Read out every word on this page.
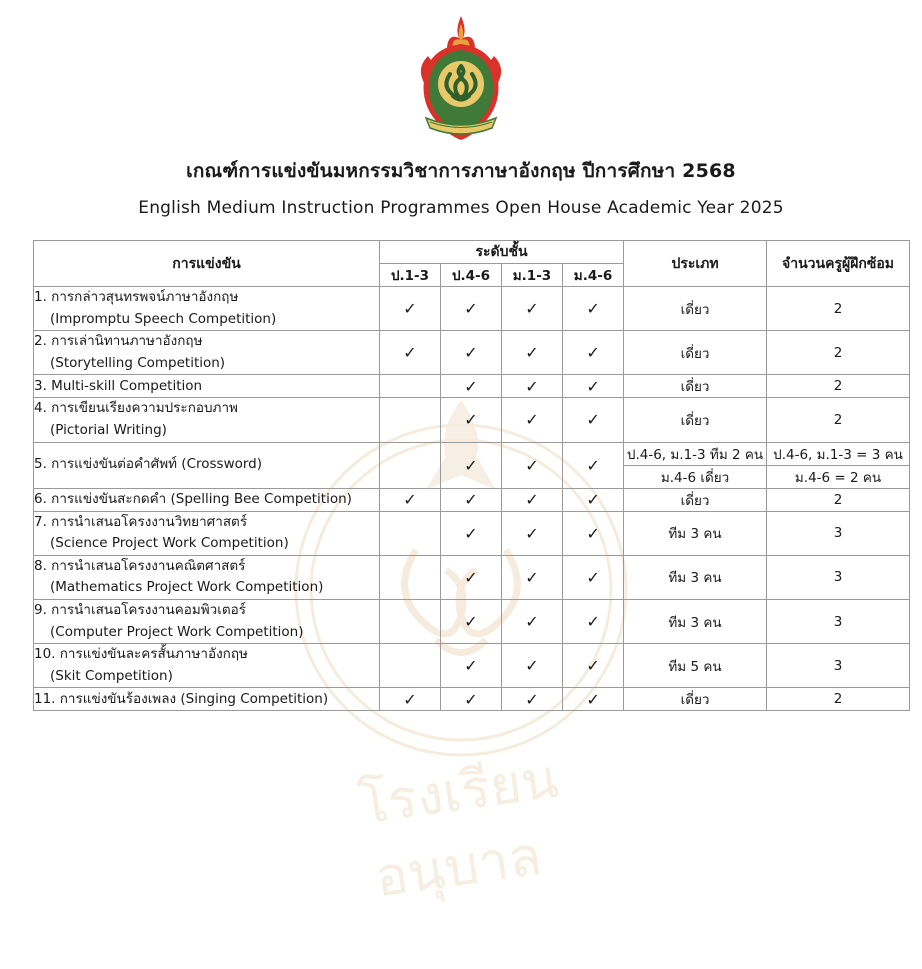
โรงเรียน
อนุบาล
เกณฑ์การแข่งขันมหกรรมวิชาการภาษาอังกฤษ ปีการศึกษา 2568
English Medium Instruction Programmes Open House Academic Year 2025
การแข่งขัน	ระดับชั้น				ประเภท	จำนวนครูผู้ฝึกซ้อม
	ป.1-3	ป.4-6	ม.1-3	ม.4-6		
1. การกล่าวสุนทรพจน์ภาษาอังกฤษ
(Impromptu Speech Competition)	✓	✓	✓	✓	เดี่ยว	2
2. การเล่านิทานภาษาอังกฤษ
(Storytelling Competition)	✓	✓	✓	✓	เดี่ยว	2
3. Multi-skill Competition		✓	✓	✓	เดี่ยว	2
4. การเขียนเรียงความประกอบภาพ
(Pictorial Writing)		✓	✓	✓	เดี่ยว	2
5. การแข่งขันต่อคำศัพท์ (Crossword)		✓	✓	✓	ป.4-6, ม.1-3 ทีม 2 คน	ป.4-6, ม.1-3 = 3 คน
					ม.4-6 เดี่ยว	ม.4-6 = 2 คน
6. การแข่งขันสะกดคำ (Spelling Bee Competition)	✓	✓	✓	✓	เดี่ยว	2
7. การนำเสนอโครงงานวิทยาศาสตร์
(Science Project Work Competition)		✓	✓	✓	ทีม 3 คน	3
8. การนำเสนอโครงงานคณิตศาสตร์
(Mathematics Project Work Competition)		✓	✓	✓	ทีม 3 คน	3
9. การนำเสนอโครงงานคอมพิวเตอร์
(Computer Project Work Competition)		✓	✓	✓	ทีม 3 คน	3
10. การแข่งขันละครสั้นภาษาอังกฤษ
(Skit Competition)		✓	✓	✓	ทีม 5 คน	3
11. การแข่งขันร้องเพลง (Singing Competition)	✓	✓	✓	✓	เดี่ยว	2
